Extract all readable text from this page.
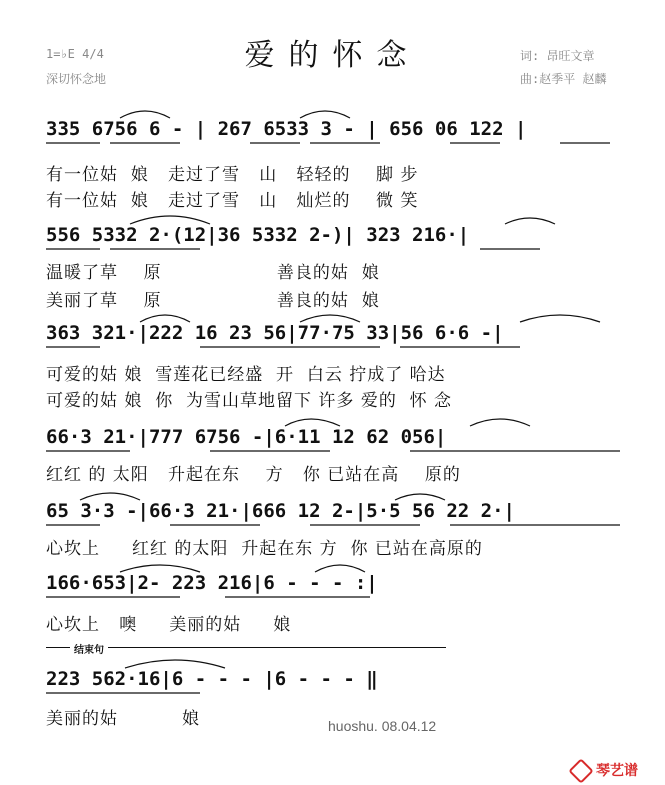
爱的怀念
1=♭E 4/4
深切怀念地
词: 昂旺文章
曲:赵季平 赵麟
335 6756 6 - | 267 6533 3 - | 656 06 122 |
有一位姑  娘   走过了雪   山   轻轻的    脚 步
有一位姑  娘   走过了雪   山   灿烂的    微 笑
556 5332 2·(12|36 5332 2-)| 323 216·|
温暖了草    原                  善良的姑  娘
美丽了草    原                  善良的姑  娘
363 321·|222 16 23 56|77·75 33|56 6·6 -|
可爱的姑 娘  雪莲花已经盛  开  白云 拧成了 哈达
可爱的姑 娘  你  为雪山草地留下 许多 爱的  怀 念
66·3 21·|777 6756 -|6·11 12 62 056|
红红 的 太阳   升起在东    方   你 已站在高    原的
65 3·3 -|66·3 21·|666 12 2-|5·5 56 22 2·|
心坎上     红红 的太阳  升起在东 方  你 已站在高原的
166·653|2- 223 216|6 - - - :|
心坎上   噢     美丽的姑     娘
结束句
223 562·16|6 - - - |6 - - - ‖
美丽的姑          娘	huoshu. 08.04.12
琴艺谱
